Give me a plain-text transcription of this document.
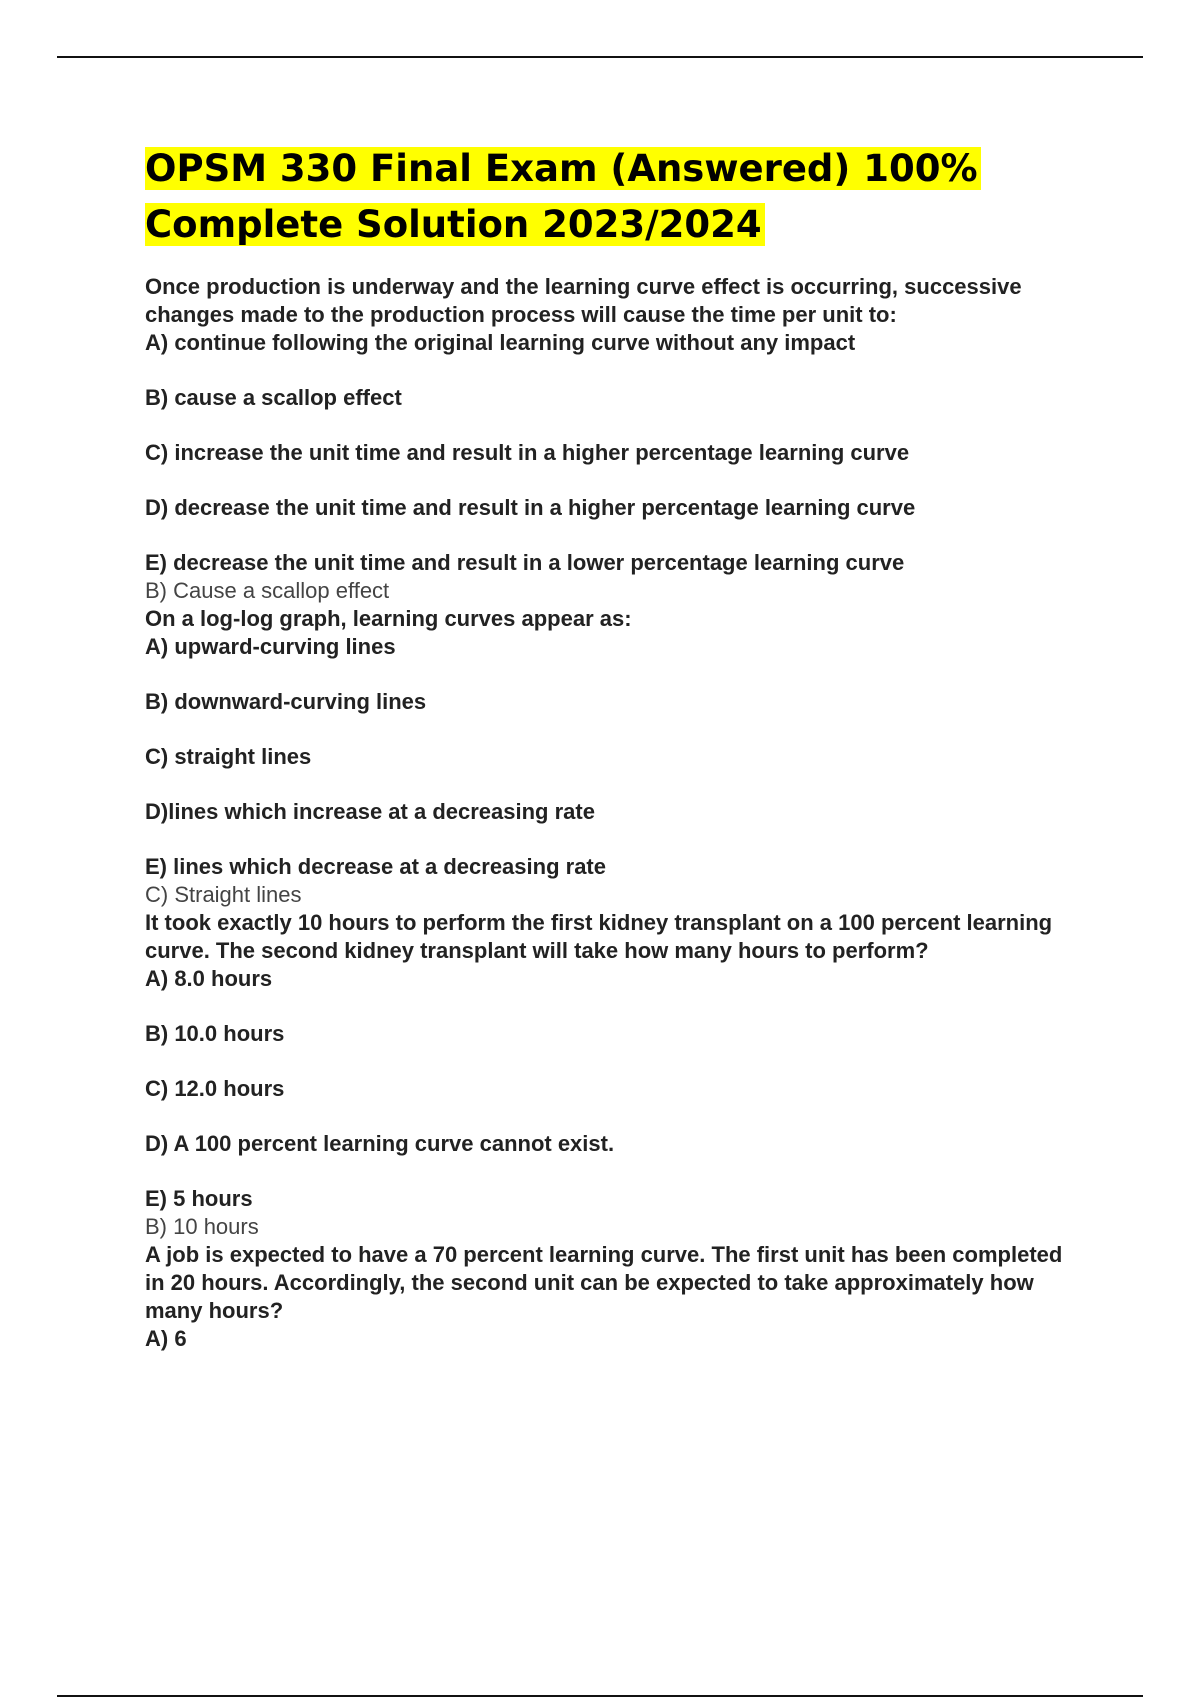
OPSM 330 Final Exam (Answered) 100%
Complete Solution 2023/2024
Once production is underway and the learning curve effect is occurring, successive changes made to the production process will cause the time per unit to:
A) continue following the original learning curve without any impact
B) cause a scallop effect
C) increase the unit time and result in a higher percentage learning curve
D) decrease the unit time and result in a higher percentage learning curve
E) decrease the unit time and result in a lower percentage learning curve
B) Cause a scallop effect
On a log-log graph, learning curves appear as:
A) upward-curving lines
B) downward-curving lines
C) straight lines
D)lines which increase at a decreasing rate
E) lines which decrease at a decreasing rate
C) Straight lines
It took exactly 10 hours to perform the first kidney transplant on a 100 percent learning curve. The second kidney transplant will take how many hours to perform?
A) 8.0 hours
B) 10.0 hours
C) 12.0 hours
D) A 100 percent learning curve cannot exist.
E) 5 hours
B) 10 hours
A job is expected to have a 70 percent learning curve. The first unit has been completed in 20 hours. Accordingly, the second unit can be expected to take approximately how many hours?
A) 6
